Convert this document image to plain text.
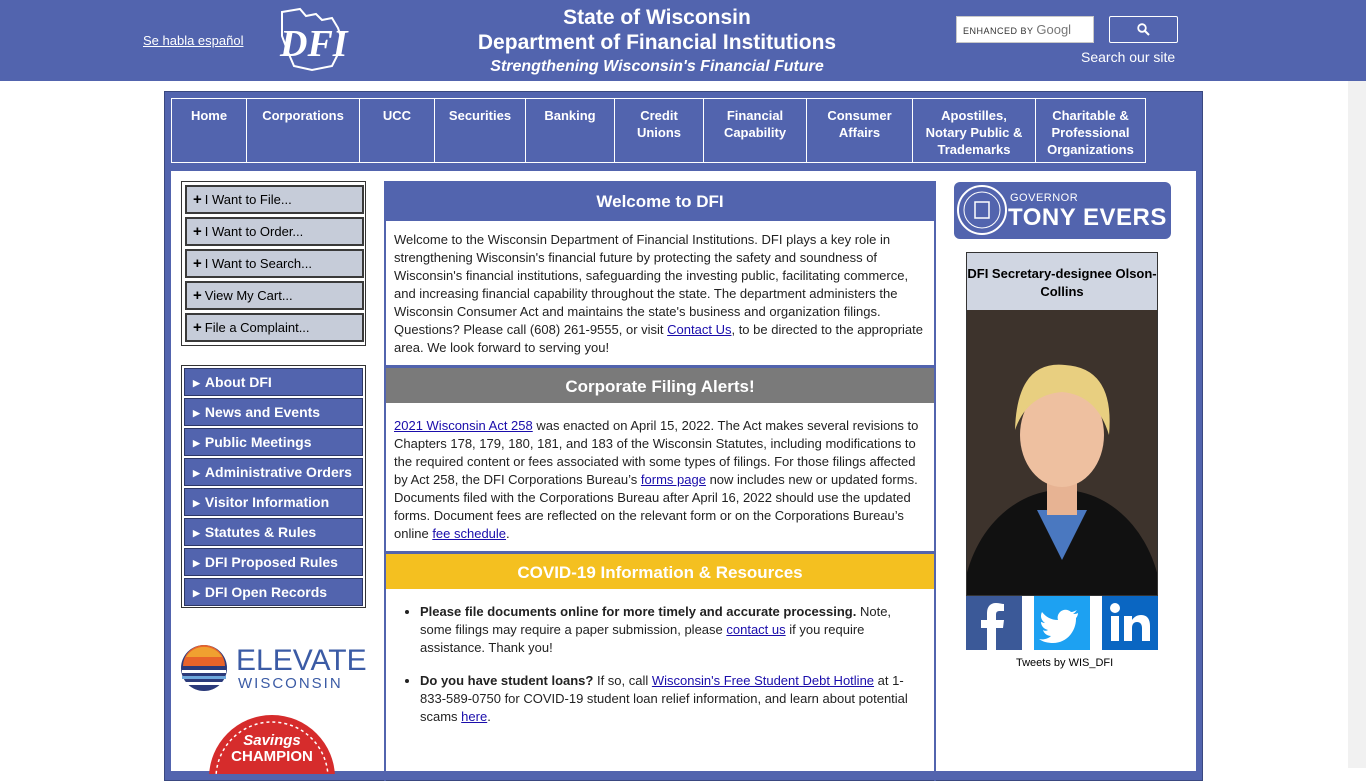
Se habla español DFI
State of Wisconsin
Department of Financial Institutions
Strengthening Wisconsin's Financial Future
ENHANCED BY Googl
Search our site
Home	Corporations	UCC	Securities	Banking	Credit Unions
Financial Capability
Consumer Affairs
Apostilles, Notary Public & Trademarks
Charitable & Professional Organizations
+ I Want to File...
+ I Want to Order...
+ I Want to Search...
+ View My Cart...
+ File a Complaint...
▶ About DFI
▶ News and Events
▶ Public Meetings
▶ Administrative Orders
▶ Visitor Information
▶ Statutes & Rules
▶ DFI Proposed Rules
▶ DFI Open Records
ELEVATE
WISCONSIN
Savings
CHAMPION
Welcome to DFI
Welcome to the Wisconsin Department of Financial Institutions. DFI plays a key role in strengthening Wisconsin's financial future by protecting the safety and soundness of Wisconsin's financial institutions, safeguarding the investing public, facilitating commerce, and increasing financial capability throughout the state. The department administers the Wisconsin Consumer Act and maintains the state's business and organization filings. Questions? Please call (608) 261-9555, or visit Contact Us, to be directed to the appropriate area. We look forward to serving you!
Corporate Filing Alerts!
2021 Wisconsin Act 258 was enacted on April 15, 2022. The Act makes several revisions to Chapters 178, 179, 180, 181, and 183 of the Wisconsin Statutes, including modifications to the required content or fees associated with some types of filings. For those filings affected by Act 258, the DFI Corporations Bureau’s forms page now includes new or updated forms. Documents filed with the Corporations Bureau after April 16, 2022 should use the updated forms. Document fees are reflected on the relevant form or on the Corporations Bureau’s online fee schedule.
COVID-19 Information & Resources
• Please file documents online for more timely and accurate processing. Note, some filings may require a paper submission, please contact us if you require assistance. Thank you!
• Do you have student loans? If so, call Wisconsin's Free Student Debt Hotline at 1-833-589-0750 for COVID-19 student loan relief information, and learn about potential scams here.
GOVERNOR
TONY EVERS
DFI Secretary-designee Olson-Collins
Tweets by WIS_DFI
